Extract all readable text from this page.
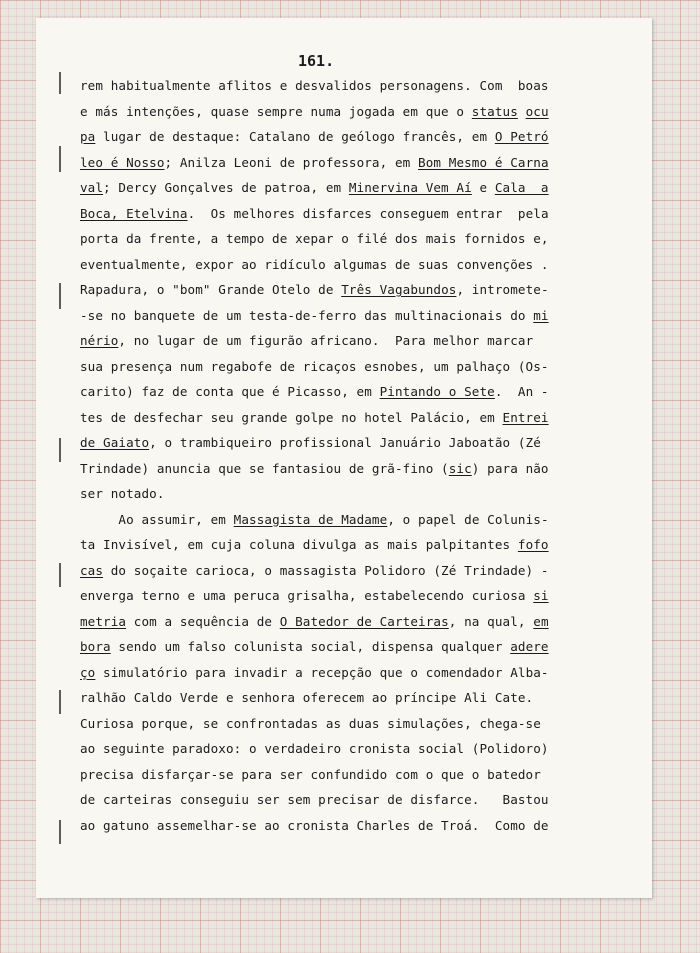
161.
rem habitualmente aflitos e desvalidos personagens. Com  boas
e más intenções, quase sempre numa jogada em que o status ocu
pa lugar de destaque: Catalano de geólogo francês, em O Petró
leo é Nosso; Anilza Leoni de professora, em Bom Mesmo é Carna
val; Dercy Gonçalves de patroa, em Minervina Vem Aí e Cala  a
Boca, Etelvina.  Os melhores disfarces conseguem entrar  pela
porta da frente, a tempo de xepar o filé dos mais fornidos e,
eventualmente, expor ao ridículo algumas de suas convenções .
Rapadura, o "bom" Grande Otelo de Três Vagabundos, intromete-
-se no banquete de um testa-de-ferro das multinacionais do mi
nério, no lugar de um figurão africano.  Para melhor marcar
sua presença num regabofe de ricaços esnobes, um palhaço (Os-
carito) faz de conta que é Picasso, em Pintando o Sete.  An -
tes de desfechar seu grande golpe no hotel Palácio, em Entrei
de Gaiato, o trambiqueiro profissional Januário Jaboatão (Zé
Trindade) anuncia que se fantasiou de grã-fino (sic) para não
ser notado.
Ao assumir, em Massagista de Madame, o papel de Colunis-
ta Invisível, em cuja coluna divulga as mais palpitantes fofo
cas do soçaite carioca, o massagista Polidoro (Zé Trindade) -
enverga terno e uma peruca grisalha, estabelecendo curiosa si
metria com a sequência de O Batedor de Carteiras, na qual, em
bora sendo um falso colunista social, dispensa qualquer adere
ço simulatório para invadir a recepção que o comendador Alba-
ralhão Caldo Verde e senhora oferecem ao príncipe Ali Cate.
Curiosa porque, se confrontadas as duas simulações, chega-se
ao seguinte paradoxo: o verdadeiro cronista social (Polidoro)
precisa disfarçar-se para ser confundido com o que o batedor
de carteiras conseguiu ser sem precisar de disfarce.   Bastou
ao gatuno assemelhar-se ao cronista Charles de Troá.  Como de
